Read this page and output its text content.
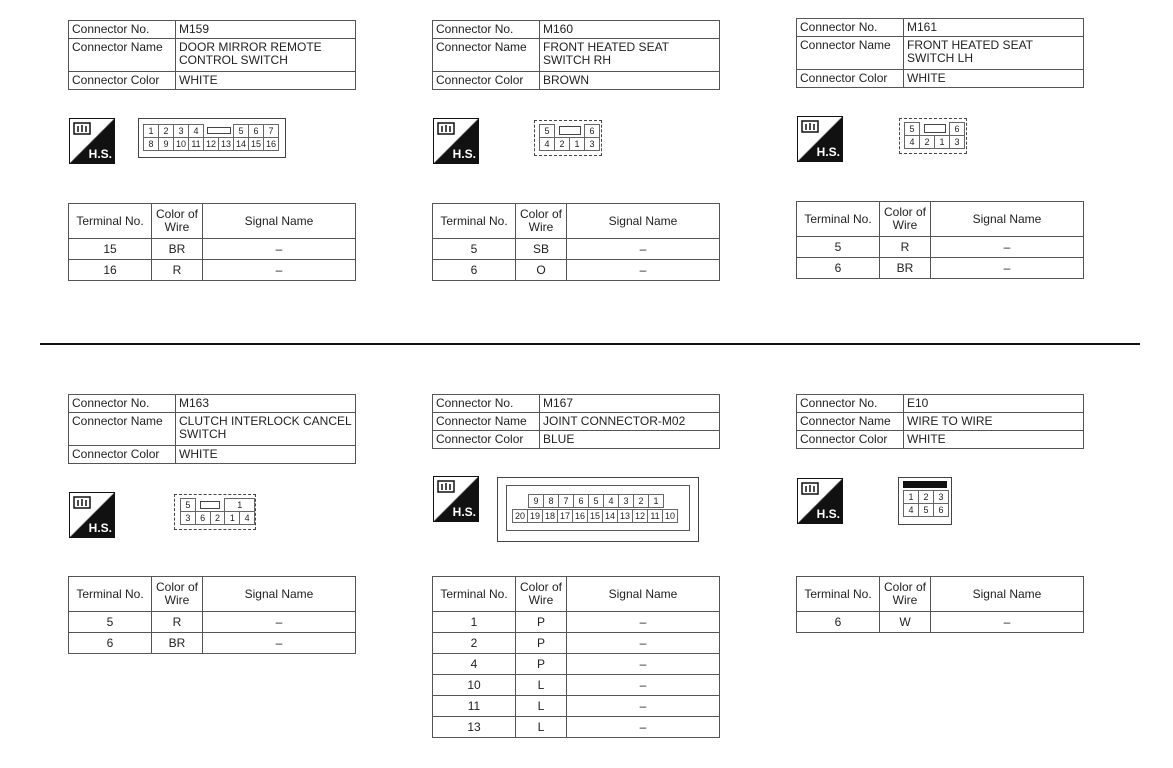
Connector No.	M159
Connector Name	DOOR MIRROR REMOTE CONTROL SWITCH
Connector Color	WHITE
H.S.
1	2	3	4			5	6	7
8	9	10	11	12	13	14	15	16
Terminal No.	Color of Wire	Signal Name
15	BR	–
16	R	–
Connector No.	M160
Connector Name	FRONT HEATED SEAT SWITCH RH
Connector Color	BROWN
H.S.
5			6
4	2	1	3
Terminal No.	Color of Wire	Signal Name
5	SB	–
6	O	–
Connector No.	M161
Connector Name	FRONT HEATED SEAT SWITCH LH
Connector Color	WHITE
H.S.
5			6
4	2	1	3
Terminal No.	Color of Wire	Signal Name
5	R	–
6	BR	–
Connector No.	M163
Connector Name	CLUTCH INTERLOCK CANCEL SWITCH
Connector Color	WHITE
H.S.
5			1	
3	6	2	1	4
Terminal No.	Color of Wire	Signal Name
5	R	–
6	BR	–
Connector No.	M167
Connector Name	JOINT CONNECTOR-M02
Connector Color	BLUE
H.S.
9	8	7	6	5	4	3	2	1
20	19	18	17	16	15	14	13	12	11	10
Terminal No.	Color of Wire	Signal Name
1	P	–
2	P	–
4	P	–
10	L	–
11	L	–
13	L	–
Connector No.	E10
Connector Name	WIRE TO WIRE
Connector Color	WHITE
H.S.
1	2	3
4	5	6
Terminal No.	Color of Wire	Signal Name
6	W	–
